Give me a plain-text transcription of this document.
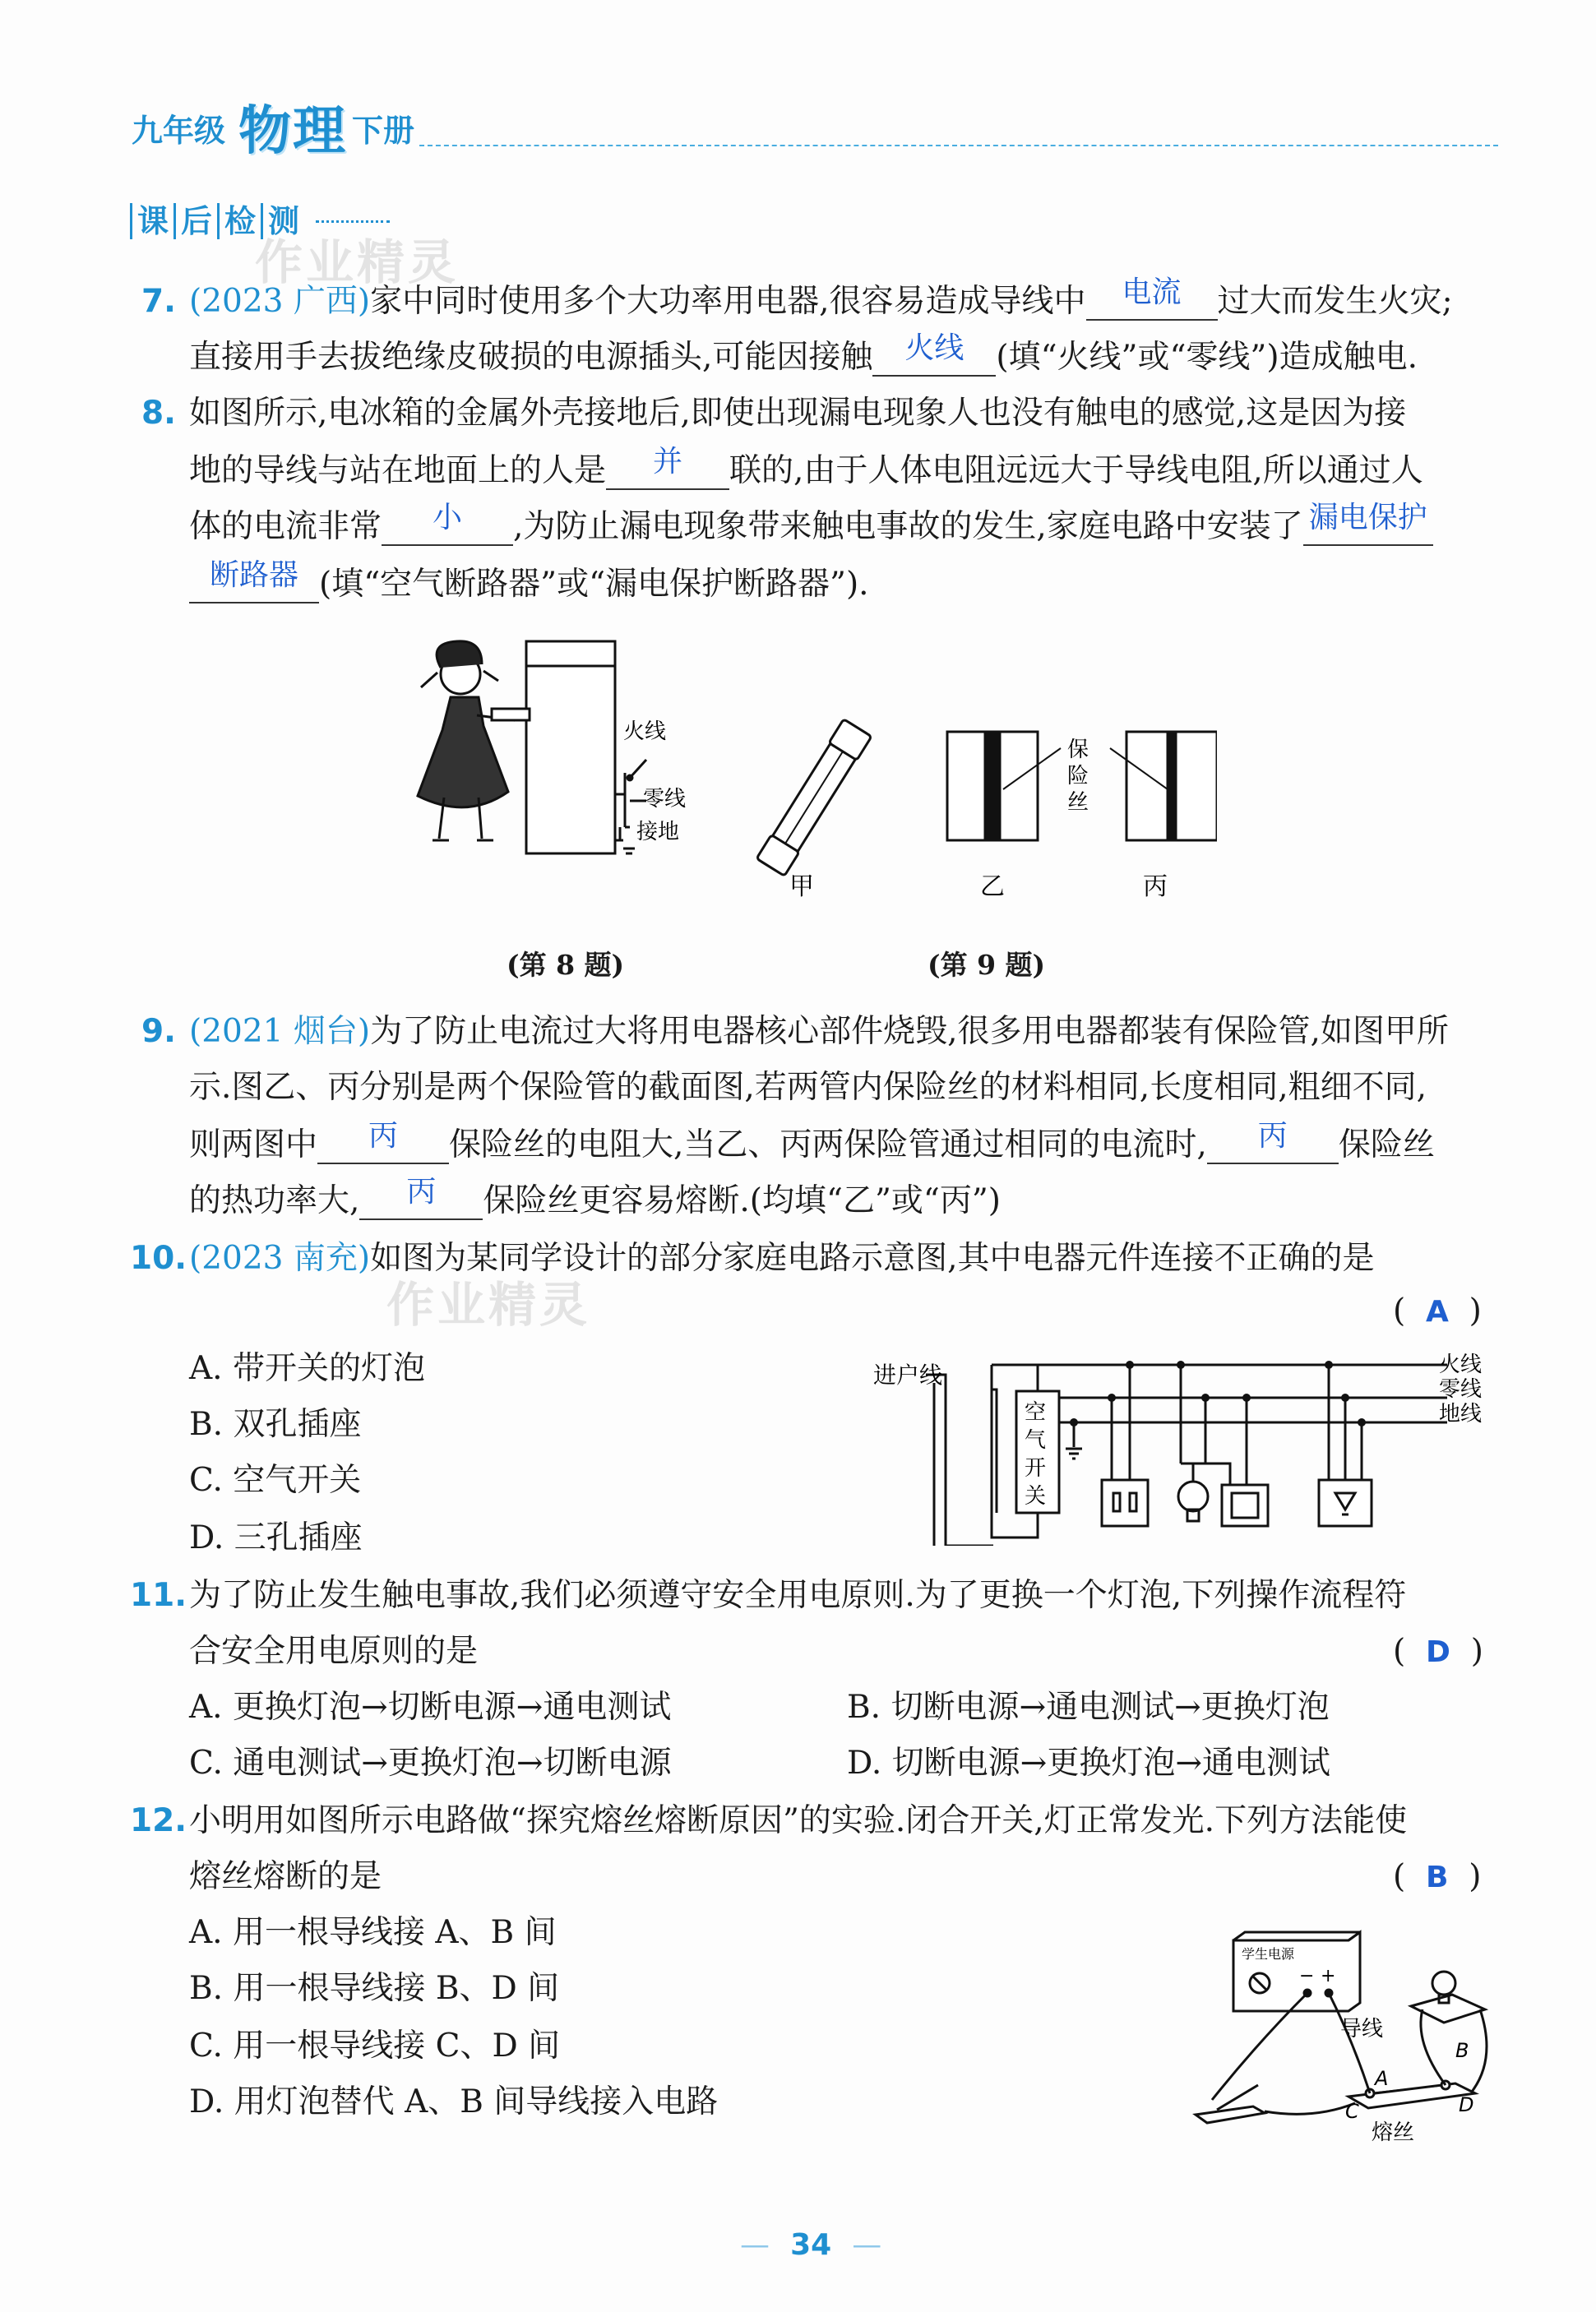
九年级 物理 下册
课 后 检 测
作业精灵
作业精灵
7. (2023 广西)家中同时使用多个大功率用电器,很容易造成导线中 电流 过大而发生火灾;
直接用手去拔绝缘皮破损的电源插头,可能因接触 火线 (填“火线”或“零线”)造成触电.
8. 如图所示,电冰箱的金属外壳接地后,即使出现漏电现象人也没有触电的感觉,这是因为接
地的导线与站在地面上的人是 并 联的,由于人体电阻远远大于导线电阻,所以通过人
体的电流非常 小 ,为防止漏电现象带来触电事故的发生,家庭电路中安装了 漏电保护
断路器 (填“空气断路器”或“漏电保护断路器”).
火线
零线
接地
保
险
丝
甲	乙	丙
(第 8 题)	(第 9 题)
9. (2021 烟台)为了防止电流过大将用电器核心部件烧毁,很多用电器都装有保险管,如图甲所
示.图乙、丙分别是两个保险管的截面图,若两管内保险丝的材料相同,长度相同,粗细不同,
则两图中 丙 保险丝的电阻大,当乙、丙两保险管通过相同的电流时, 丙 保险丝
的热功率大, 丙 保险丝更容易熔断.(均填“乙”或“丙”)
10. (2023 南充)如图为某同学设计的部分家庭电路示意图,其中电器元件连接不正确的是
(  A  )
A. 带开关的灯泡
B. 双孔插座
C. 空气开关
D. 三孔插座
进户线	火线
零线
地线
空
气
开
关
11. 为了防止发生触电事故,我们必须遵守安全用电原则.为了更换一个灯泡,下列操作流程符
合安全用电原则的是	(  D  )
A. 更换灯泡→切断电源→通电测试	B. 切断电源→通电测试→更换灯泡
C. 通电测试→更换灯泡→切断电源	D. 切断电源→更换灯泡→通电测试
12. 小明用如图所示电路做“探究熔丝熔断原因”的实验.闭合开关,灯正常发光.下列方法能使
熔丝熔断的是	(  B  )
A. 用一根导线接 A、B 间
B. 用一根导线接 B、D 间
C. 用一根导线接 C、D 间
D. 用灯泡替代 A、B 间导线接入电路
学生电源
− +
导线
A
B
C	D
熔丝
— 34 —
